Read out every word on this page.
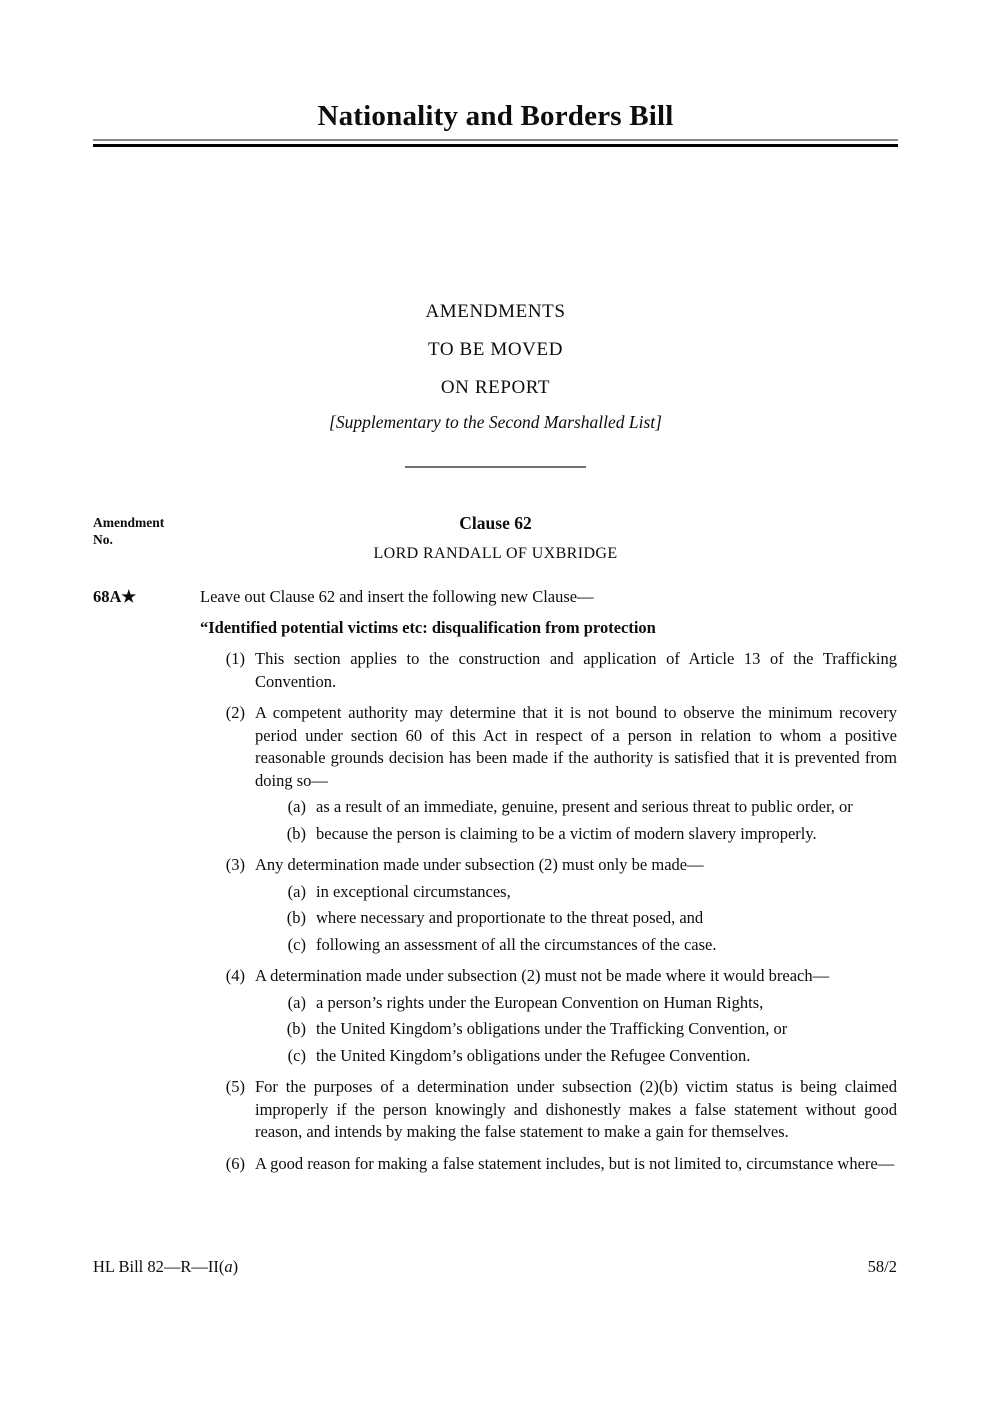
Nationality and Borders Bill
AMENDMENTS
TO BE MOVED
ON REPORT
[Supplementary to the Second Marshalled List]
Amendment
No.
Clause 62
LORD RANDALL OF UXBRIDGE
68A★	Leave out Clause 62 and insert the following new Clause—

“Identified potential victims etc: disqualification from protection

(1) This section applies to the construction and application of Article 13 of the Trafficking Convention.
(2) A competent authority may determine that it is not bound to observe the minimum recovery period under section 60 of this Act in respect of a person in relation to whom a positive reasonable grounds decision has been made if the authority is satisfied that it is prevented from doing so—
(a) as a result of an immediate, genuine, present and serious threat to public order, or
(b) because the person is claiming to be a victim of modern slavery improperly.
(3) Any determination made under subsection (2) must only be made—
(a) in exceptional circumstances,
(b) where necessary and proportionate to the threat posed, and
(c) following an assessment of all the circumstances of the case.
(4) A determination made under subsection (2) must not be made where it would breach—
(a) a person’s rights under the European Convention on Human Rights,
(b) the United Kingdom’s obligations under the Trafficking Convention, or
(c) the United Kingdom’s obligations under the Refugee Convention.
(5) For the purposes of a determination under subsection (2)(b) victim status is being claimed improperly if the person knowingly and dishonestly makes a false statement without good reason, and intends by making the false statement to make a gain for themselves.
(6) A good reason for making a false statement includes, but is not limited to, circumstance where—
HL Bill 82—R—II(a)	58/2
